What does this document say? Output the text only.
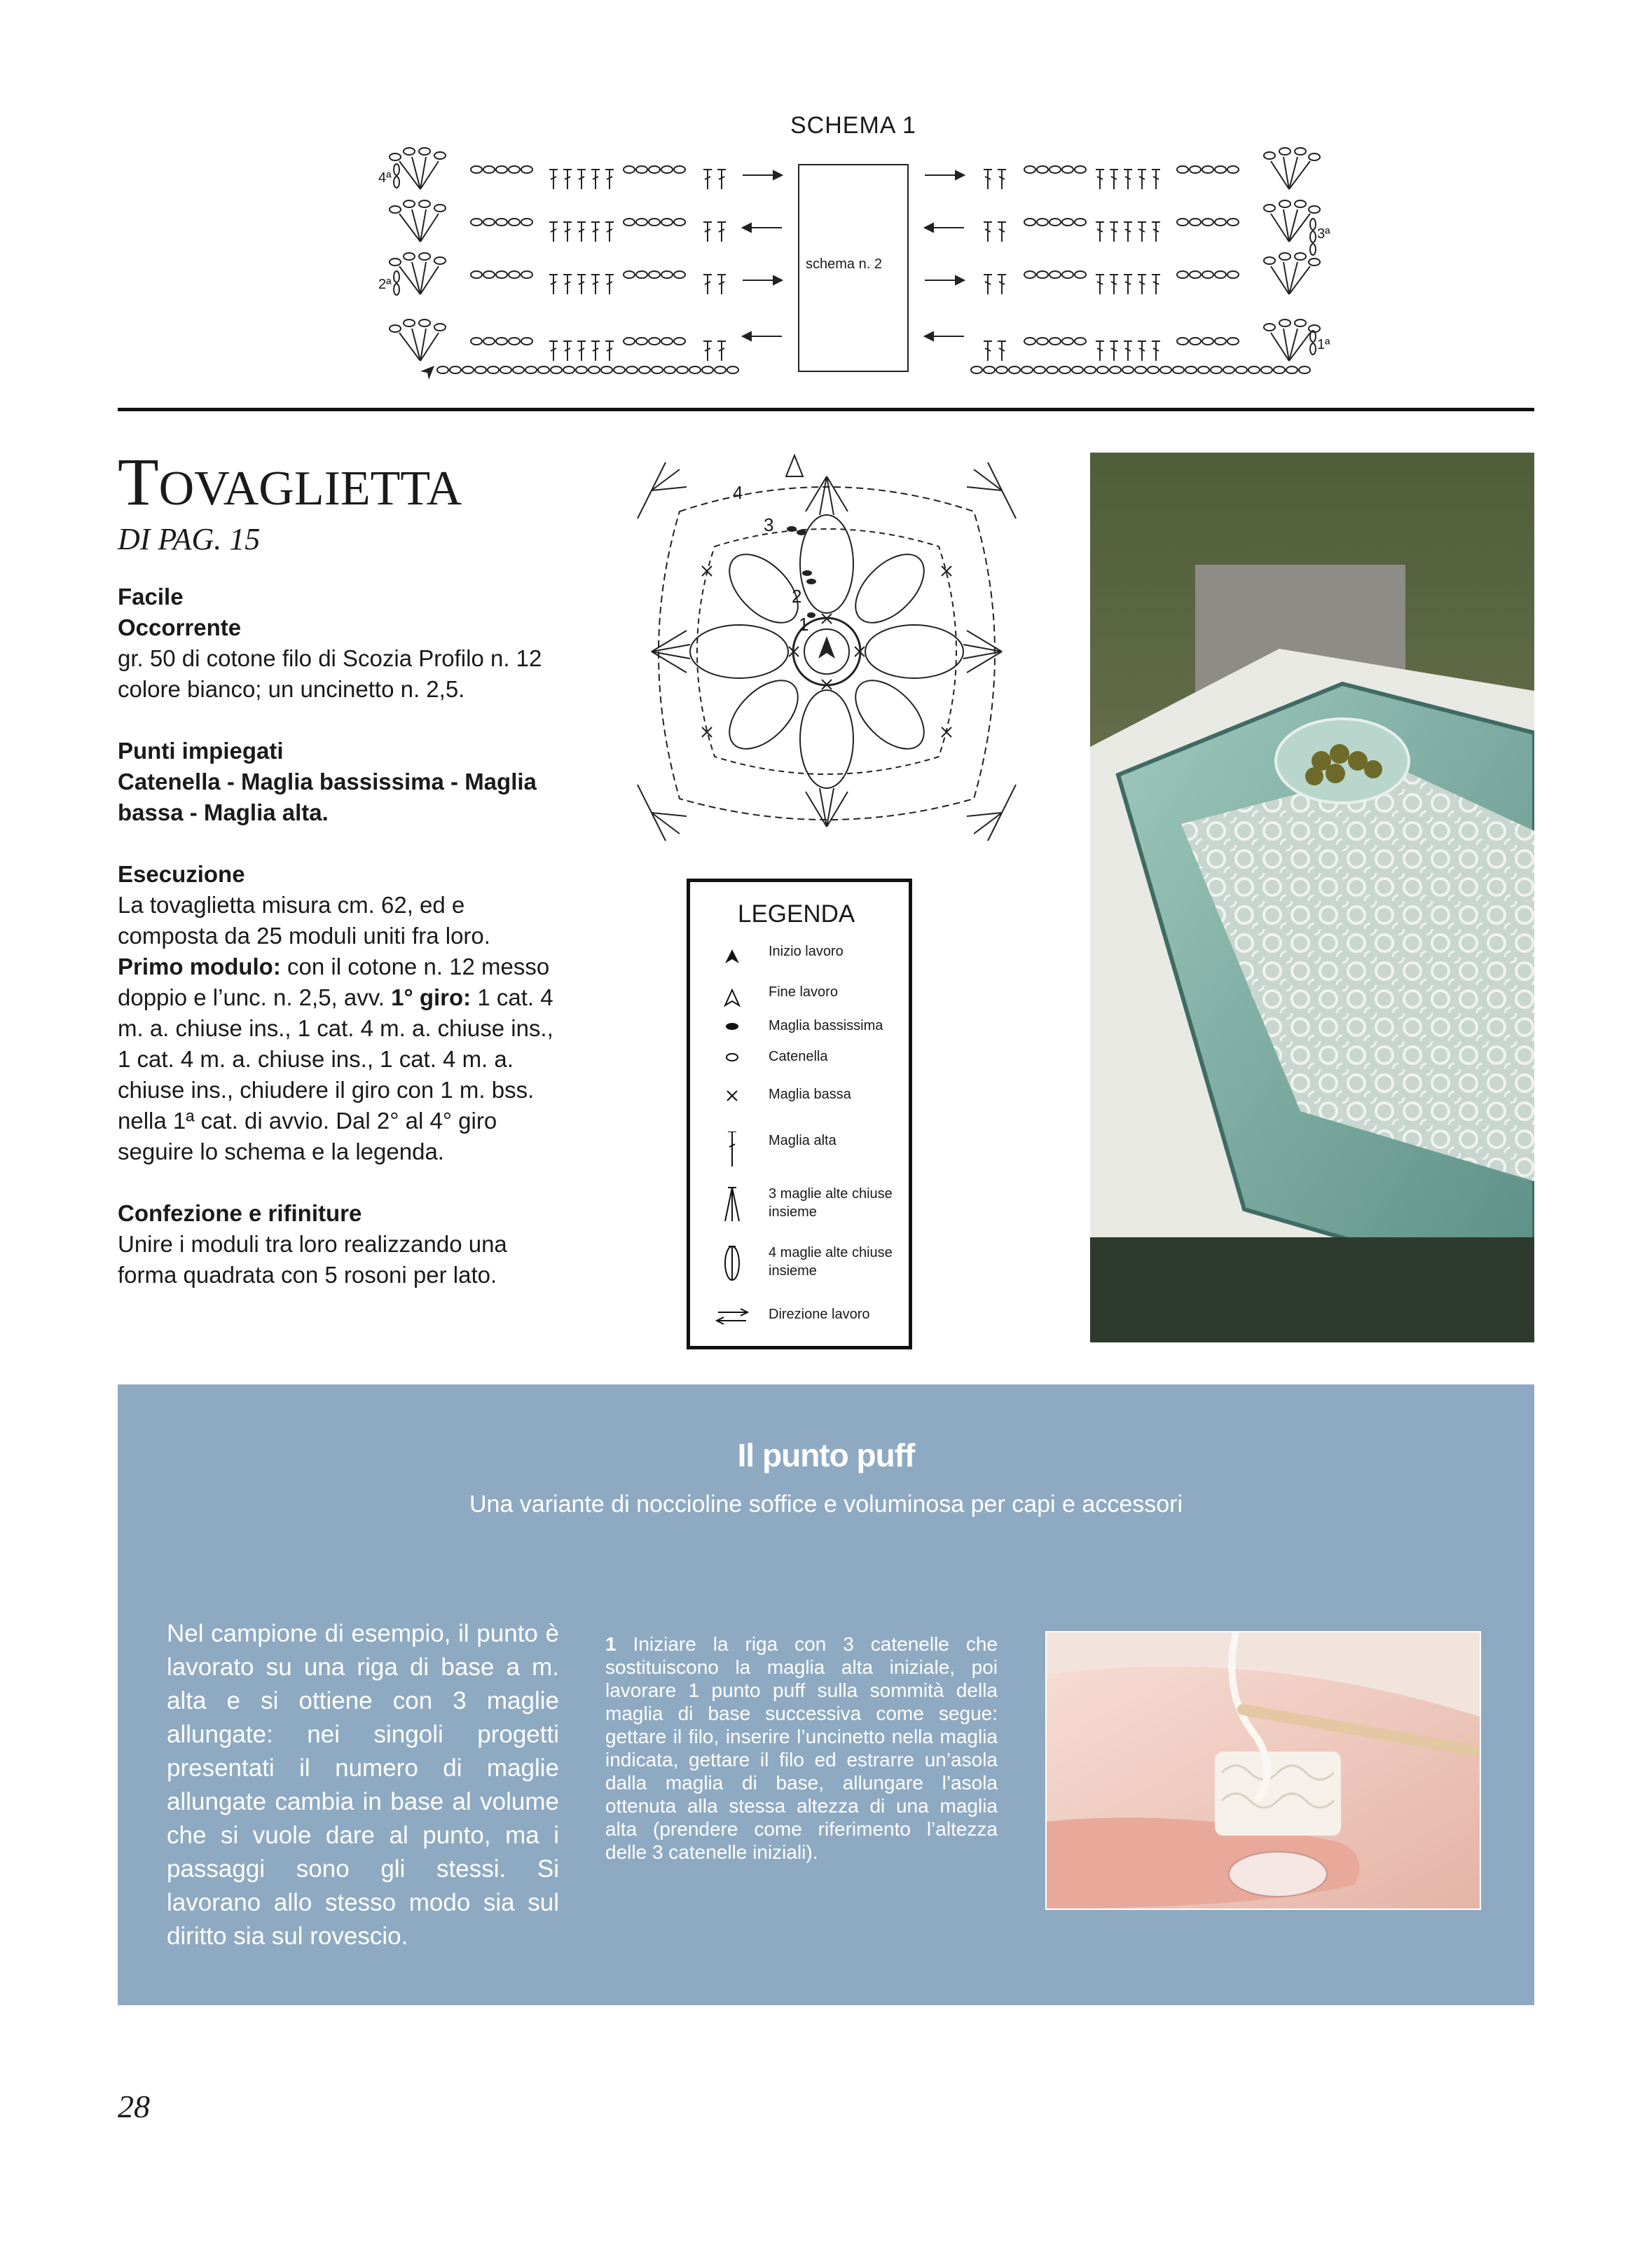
SCHEMA 1
schema n. 2
4ª
3ª
2ª
1ª
TOVAGLIETTA
DI PAG. 15

Facile
Occorrente
gr. 50 di cotone filo di Scozia Profilo n. 12 colore bianco; un uncinetto n. 2,5.

Punti impiegati
Catenella - Maglia bassissima - Maglia bassa - Maglia alta.

Esecuzione
La tovaglietta misura cm. 62, ed e composta da 25 moduli uniti fra loro.
Primo modulo: con il cotone n. 12 messo doppio e l’unc. n. 2,5, avv. 1° giro: 1 cat. 4 m. a. chiuse ins., 1 cat. 4 m. a. chiuse ins., 1 cat. 4 m. a. chiuse ins., 1 cat. 4 m. a. chiuse ins., chiudere il giro con 1 m. bss. nella 1ª cat. di avvio. Dal 2° al 4° giro seguire lo schema e la legenda.

Confezione e rifiniture
Unire i moduli tra loro realizzando una forma quadrata con 5 rosoni per lato.

4
3
2
1
LEGENDA
Inizio lavoro
Fine lavoro
Maglia bassissima
Catenella
Maglia bassa
Maglia alta
3 maglie alte chiuse insieme
4 maglie alte chiuse insieme
Direzione lavoro
Il punto puff
Una variante di noccioline soffice e voluminosa per capi e accessori
Nel campione di esempio, il punto è lavorato su una riga di base a m. alta e si ottiene con 3 maglie allungate: nei singoli progetti presentati il numero di maglie allungate cambia in base al volume che si vuole dare al punto, ma i passaggi sono gli stessi. Si lavorano allo stesso modo sia sul diritto sia sul rovescio.
1 Iniziare la riga con 3 catenelle che sostituiscono la maglia alta iniziale, poi lavorare 1 punto puff sulla sommità della maglia di base successiva come segue: gettare il filo, inserire l’uncinetto nella maglia indicata, gettare il filo ed estrarre un’asola dalla maglia di base, allungare l’asola ottenuta alla stessa altezza di una maglia alta (prendere come riferimento l’altezza delle 3 catenelle iniziali).
28
